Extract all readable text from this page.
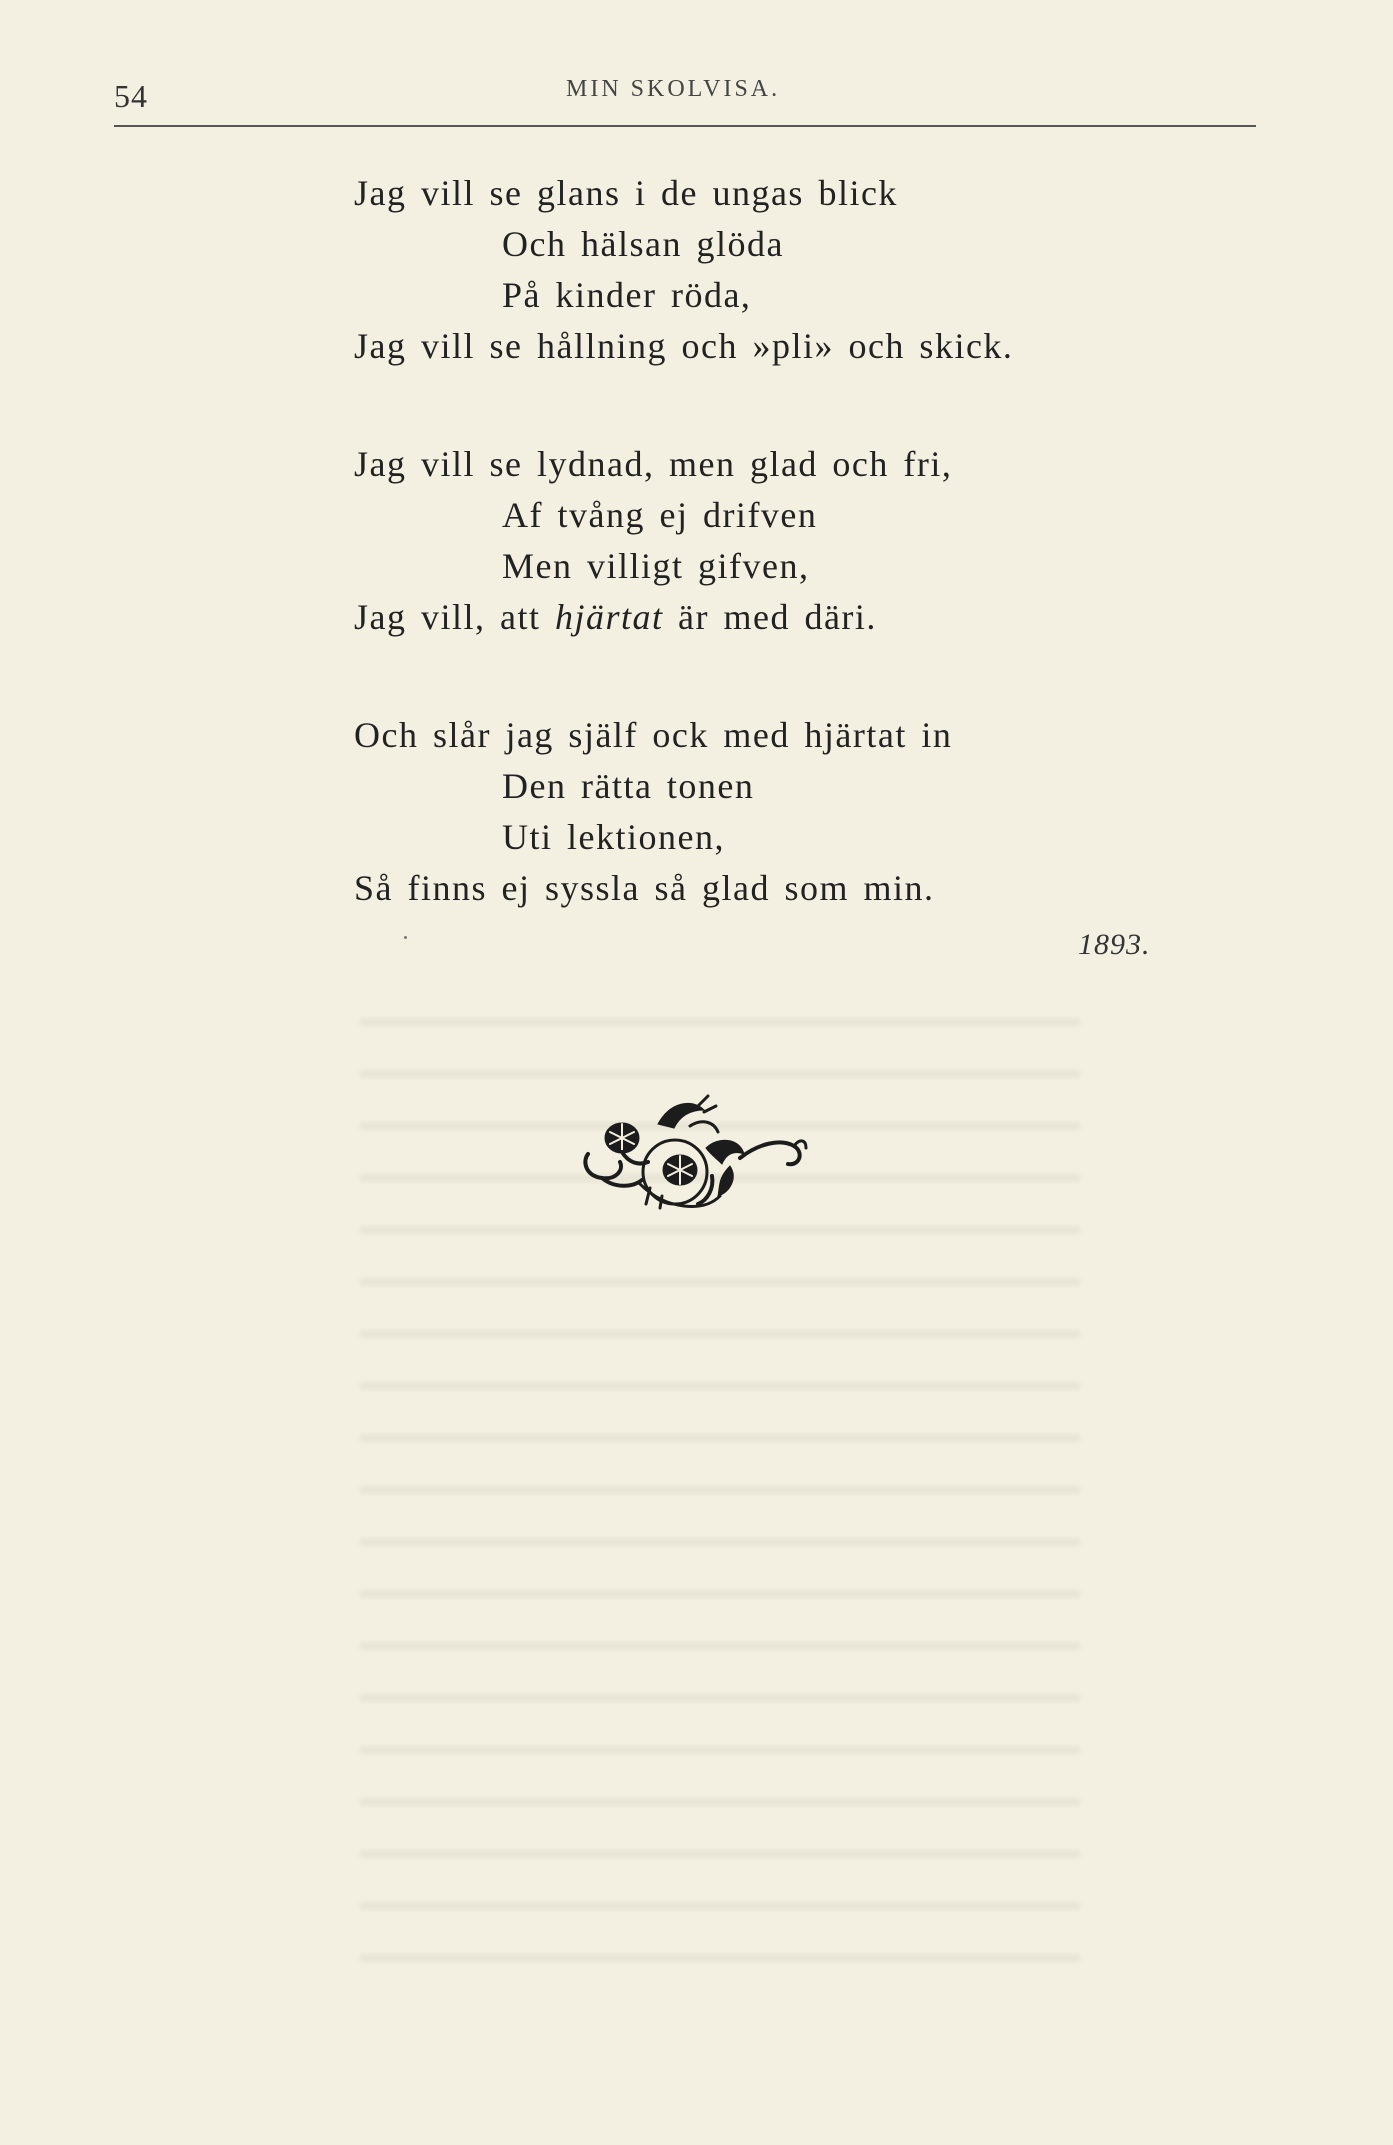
54	MIN SKOLVISA.
Jag vill se glans i de ungas blick
Och hälsan glöda
På kinder röda,
Jag vill se hållning och »pli» och skick.
Jag vill se lydnad, men glad och fri,
Af tvång ej drifven
Men villigt gifven,
Jag vill, att hjärtat är med däri.
Och slår jag själf ock med hjärtat in
Den rätta tonen
Uti lektionen,
Så finns ej syssla så glad som min.
1893.
